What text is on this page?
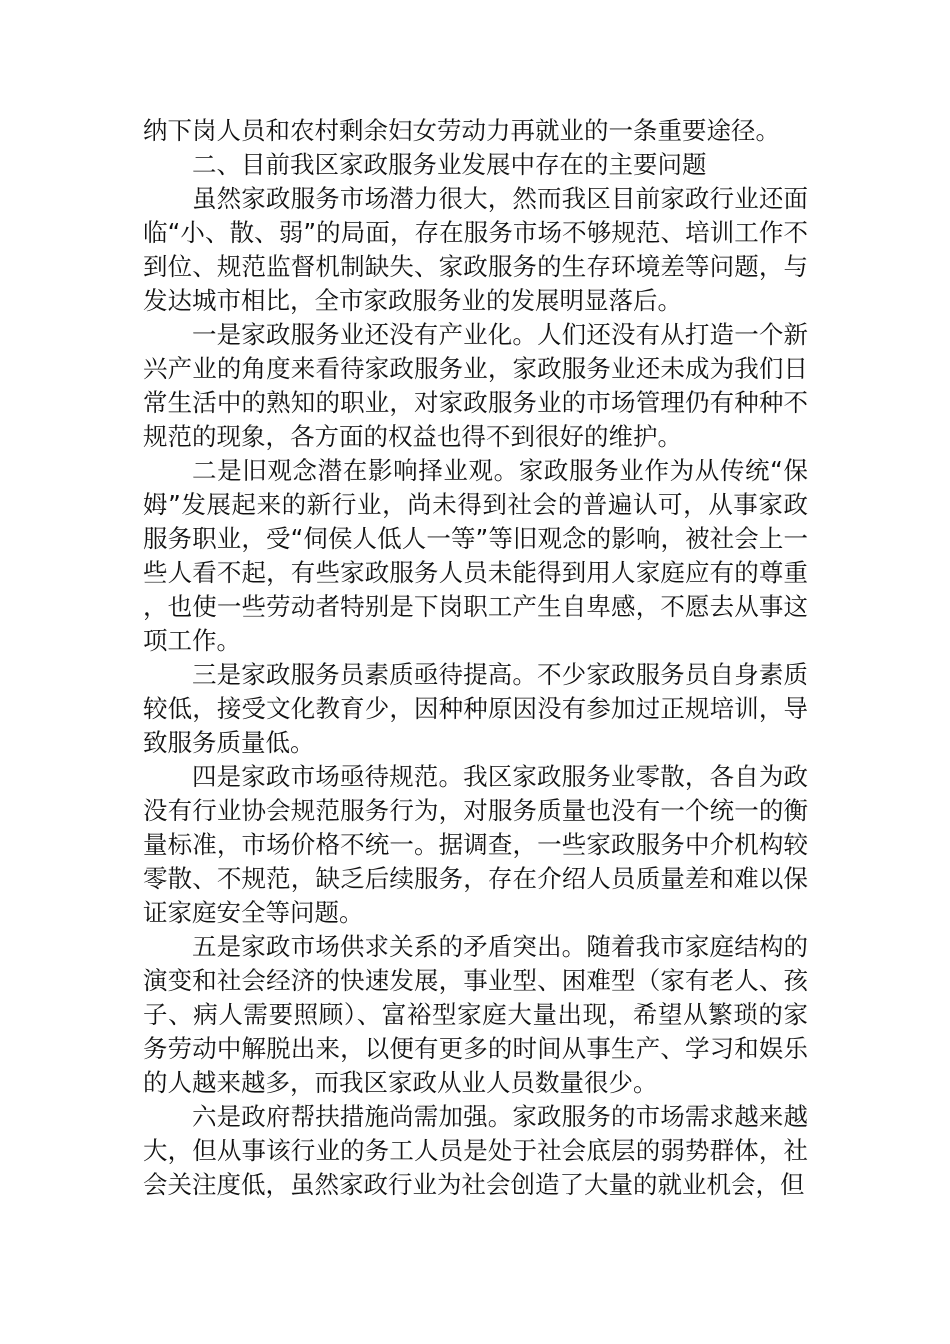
纳下岗人员和农村剩余妇女劳动力再就业的一条重要途径。

二、目前我区家政服务业发展中存在的主要问题

虽然家政服务市场潜力很大，然而我区目前家政行业还面临“小、散、弱”的局面，存在服务市场不够规范、培训工作不到位、规范监督机制缺失、家政服务的生存环境差等问题，与发达城市相比，全市家政服务业的发展明显落后。

一是家政服务业还没有产业化。人们还没有从打造一个新兴产业的角度来看待家政服务业，家政服务业还未成为我们日常生活中的熟知的职业，对家政服务业的市场管理仍有种种不规范的现象，各方面的权益也得不到很好的维护。

二是旧观念潜在影响择业观。家政服务业作为从传统“保姆”发展起来的新行业，尚未得到社会的普遍认可，从事家政服务职业，受“伺侯人低人一等”等旧观念的影响，被社会上一些人看不起，有些家政服务人员未能得到用人家庭应有的尊重，也使一些劳动者特别是下岗职工产生自卑感，不愿去从事这项工作。

三是家政服务员素质亟待提高。不少家政服务员自身素质较低，接受文化教育少，因种种原因没有参加过正规培训，导致服务质量低。

四是家政市场亟待规范。我区家政服务业零散，各自为政没有行业协会规范服务行为，对服务质量也没有一个统一的衡量标准，市场价格不统一。据调查，一些家政服务中介机构较零散、不规范，缺乏后续服务，存在介绍人员质量差和难以保证家庭安全等问题。

五是家政市场供求关系的矛盾突出。随着我市家庭结构的演变和社会经济的快速发展，事业型、困难型（家有老人、孩子、病人需要照顾）、富裕型家庭大量出现，希望从繁琐的家务劳动中解脱出来，以便有更多的时间从事生产、学习和娱乐的人越来越多，而我区家政从业人员数量很少。

六是政府帮扶措施尚需加强。家政服务的市场需求越来越大，但从事该行业的务工人员是处于社会底层的弱势群体，社会关注度低，虽然家政行业为社会创造了大量的就业机会，但
